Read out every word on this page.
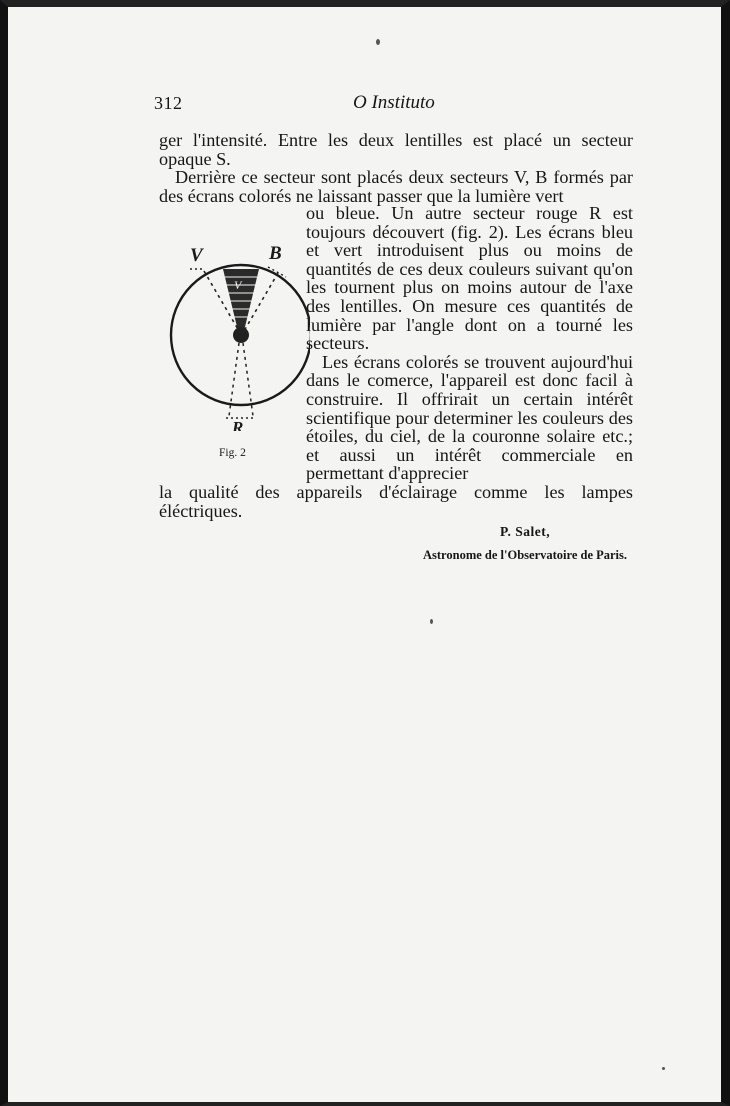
312	O Instituto

ger l'intensité. Entre les deux lentilles est placé un secteur opaque S.

Derrière ce secteur sont placés deux secteurs V, B formés par des écrans colorés ne laissant passer que la lumière vert

ou bleue. Un autre secteur rouge R est toujours découvert (fig. 2). Les écrans bleu et vert introduisent plus ou moins de quantités de ces deux couleurs suivant qu'on les tournent plus on moins autour de l'axe des lentilles. On mesure ces quantités de lumière par l'angle dont on a tourné les secteurs.

Les écrans colorés se trouvent aujourd'hui dans le comerce, l'appareil est donc facil à construire. Il offrirait un certain intérêt scientifique pour determiner les couleurs des étoiles, du ciel, de la couronne solaire etc.; et aussi un intérêt commerciale en permettant d'apprecier

V	B
V
R
Fig. 2

la qualité des appareils d'éclairage comme les lampes éléctriques.

P. Salet,
Astronome de l'Observatoire de Paris.
